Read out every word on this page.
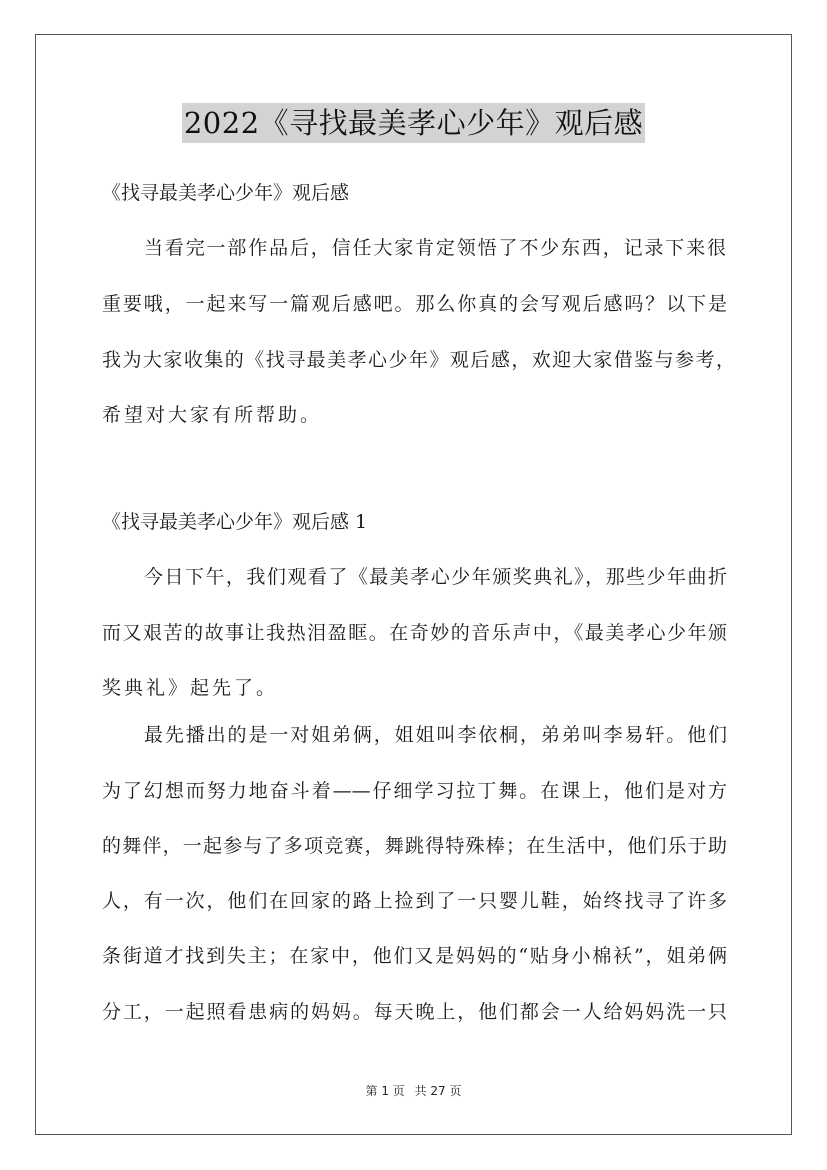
2022《寻找最美孝心少年》观后感
《找寻最美孝心少年》观后感
当看完一部作品后，信任大家肯定领悟了不少东西，记录下来很
重要哦，一起来写一篇观后感吧。那么你真的会写观后感吗？以下是
我为大家收集的《找寻最美孝心少年》观后感，欢迎大家借鉴与参考，
希望对大家有所帮助。
《找寻最美孝心少年》观后感 1
今日下午，我们观看了《最美孝心少年颁奖典礼》，那些少年曲折
而又艰苦的故事让我热泪盈眶。在奇妙的音乐声中，《最美孝心少年颁
奖典礼》起先了。
最先播出的是一对姐弟俩，姐姐叫李依桐，弟弟叫李易轩。他们
为了幻想而努力地奋斗着——仔细学习拉丁舞。在课上，他们是对方
的舞伴，一起参与了多项竞赛，舞跳得特殊棒；在生活中，他们乐于助
人，有一次，他们在回家的路上捡到了一只婴儿鞋，始终找寻了许多
条街道才找到失主；在家中，他们又是妈妈的“贴身小棉袄”，姐弟俩
分工，一起照看患病的妈妈。每天晚上，他们都会一人给妈妈洗一只
第 1 页 共 27 页
